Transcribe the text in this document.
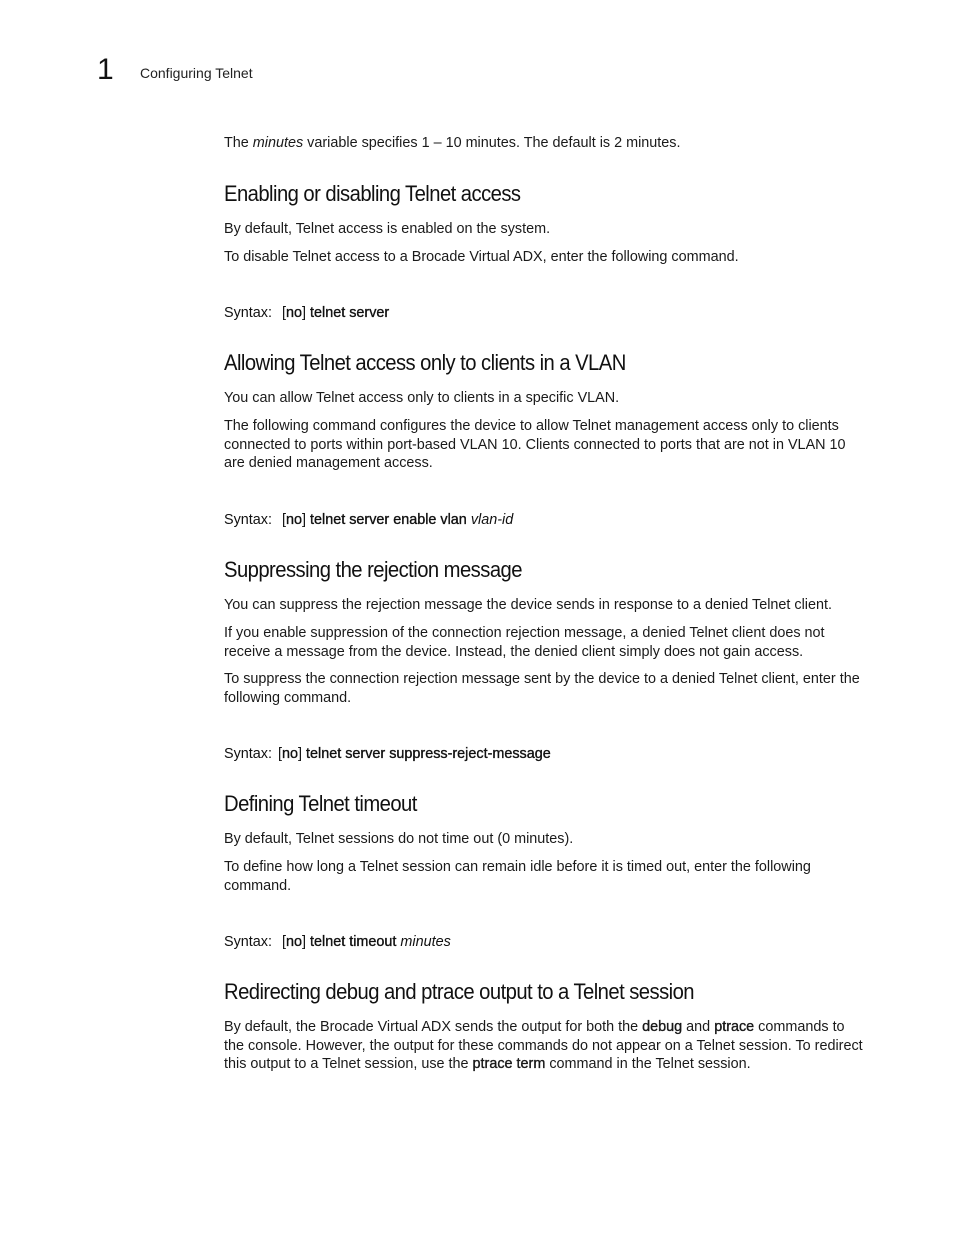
1 Configuring Telnet

The minutes variable specifies 1 – 10 minutes. The default is 2 minutes.

Enabling or disabling Telnet access

By default, Telnet access is enabled on the system.

To disable Telnet access to a Brocade Virtual ADX, enter the following command.

Syntax: [no] telnet server
Allowing Telnet access only to clients in a VLAN

You can allow Telnet access only to clients in a specific VLAN.

The following command configures the device to allow Telnet management access only to clients connected to ports within port-based VLAN 10. Clients connected to ports that are not in VLAN 10 are denied management access.

Syntax: [no] telnet server enable vlan vlan-id
Suppressing the rejection message

You can suppress the rejection message the device sends in response to a denied Telnet client.

If you enable suppression of the connection rejection message, a denied Telnet client does not receive a message from the device. Instead, the denied client simply does not gain access.

To suppress the connection rejection message sent by the device to a denied Telnet client, enter the following command.

Syntax: [no] telnet server suppress-reject-message
Defining Telnet timeout

By default, Telnet sessions do not time out (0 minutes).

To define how long a Telnet session can remain idle before it is timed out, enter the following command.

Syntax: [no] telnet timeout minutes
Redirecting debug and ptrace output to a Telnet session

By default, the Brocade Virtual ADX sends the output for both the debug and ptrace commands to the console. However, the output for these commands do not appear on a Telnet session. To redirect this output to a Telnet session, use the ptrace term command in the Telnet session.
